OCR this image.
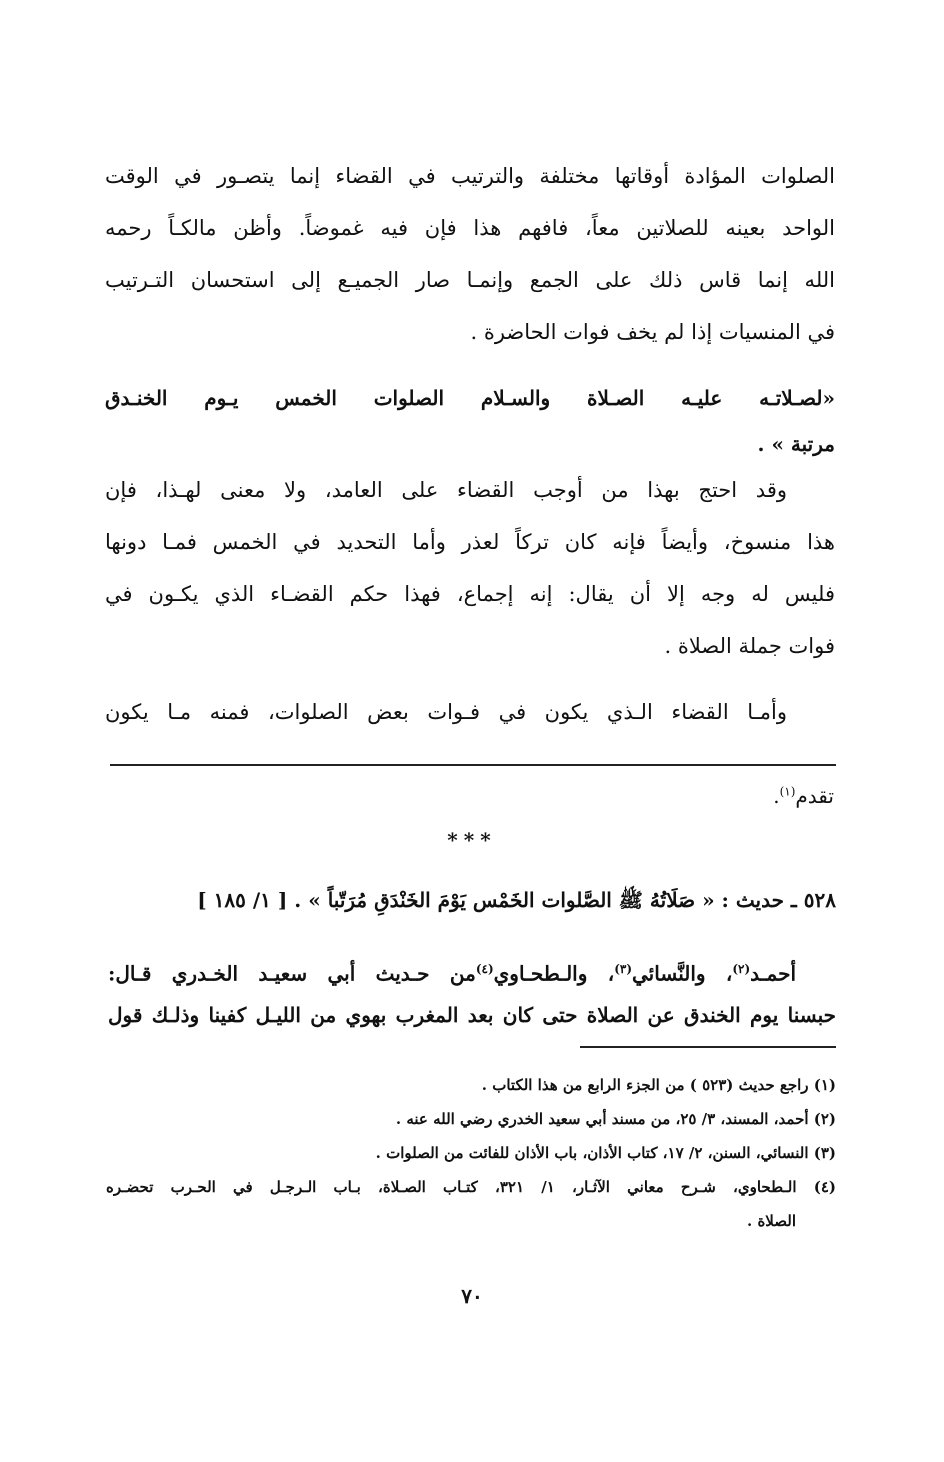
الصلوات المؤادة أوقاتها مختلفة والترتيب في القضاء إنما يتصـور في الوقت
الواحد بعينه للصلاتين معاً، فافهم هذا فإن فيه غموضاً. وأظن مالكـاً رحمه
الله إنما قاس ذلك على الجمع وإنمـا صار الجميـع إلى استحسان التـرتيب
في المنسيات إذا لم يخف فوات الحاضرة .
«لصـلاتـه عليـه الصـلاة والسـلام الصلوات الخمس يـوم الخنـدق
مرتبة » .
وقد احتج بهذا من أوجب القضاء على العامد، ولا معنى لهـذا، فإن
هذا منسوخ، وأيضاً فإنه كان تركاً لعذر وأما التحديد في الخمس فمـا دونها
فليس له وجه إلا أن يقال: إنه إجماع، فهذا حكم القضـاء الذي يكـون في
فوات جملة الصلاة .
وأمـا القضاء الـذي يكون في فـوات بعض الصلوات، فمنه مـا يكون
تقدم$^{(١)}$.
***
٥٢٨ ـ حديث : « صَلَاتُهُ ﷺ الصَّلوات الخَمْس يَوْمَ الخَنْدَقِ مُرَتّباً » . [ ١/ ١٨٥ ]
أحمـد$^{(٢)}$، والنَّسائي$^{(٣)}$، والـطحـاوي$^{(٤)}$من حـديث أبي سعيـد الخـدري قـال:
حبسنا يوم الخندق عن الصلاة حتى كان بعد المغرب بهوي من الليـل كفينا وذلـك قول
(١) راجع حديث (٥٢٣ ) من الجزء الرابع من هذا الكتاب .
(٢) أحمد، المسند، ٣/ ٢٥، من مسند أبي سعيد الخدري رضي الله عنه .
(٣) النسائي، السنن، ٢/ ١٧، كتاب الأذان، باب الأذان للفائت من الصلوات .
(٤) الـطحاوي، شـرح معاني الآثـار، ١/ ٣٢١، كتـاب الصـلاة، بـاب الـرجـل في الحـرب تحضـره
الصلاة .
٧٠
